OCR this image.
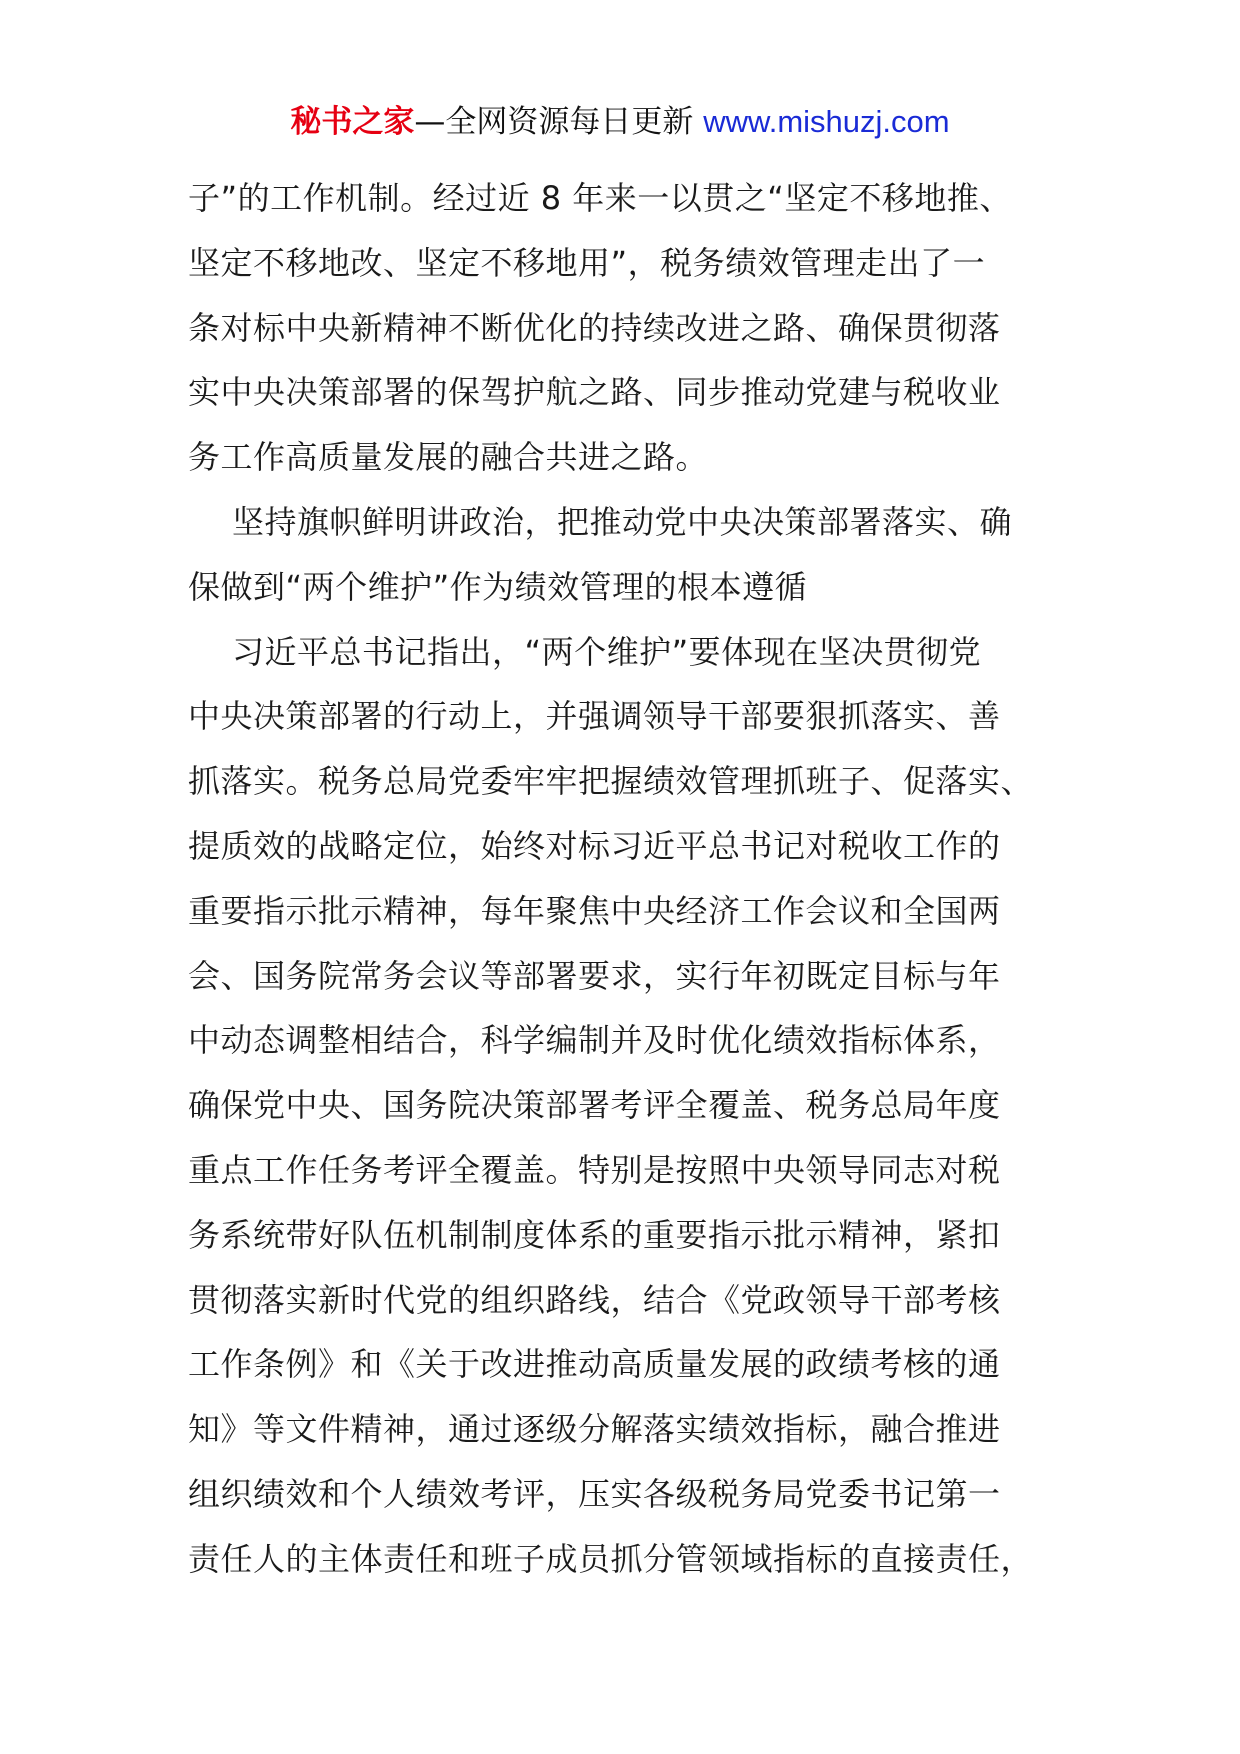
秘书之家—全网资源每日更新 www.mishuzj.com
子”的工作机制。经过近 8 年来一以贯之“坚定不移地推、
坚定不移地改、坚定不移地用”，税务绩效管理走出了一
条对标中央新精神不断优化的持续改进之路、确保贯彻落
实中央决策部署的保驾护航之路、同步推动党建与税收业
务工作高质量发展的融合共进之路。
坚持旗帜鲜明讲政治，把推动党中央决策部署落实、确
保做到“两个维护”作为绩效管理的根本遵循
习近平总书记指出，“两个维护”要体现在坚决贯彻党
中央决策部署的行动上，并强调领导干部要狠抓落实、善
抓落实。税务总局党委牢牢把握绩效管理抓班子、促落实、
提质效的战略定位，始终对标习近平总书记对税收工作的
重要指示批示精神，每年聚焦中央经济工作会议和全国两
会、国务院常务会议等部署要求，实行年初既定目标与年
中动态调整相结合，科学编制并及时优化绩效指标体系，
确保党中央、国务院决策部署考评全覆盖、税务总局年度
重点工作任务考评全覆盖。特别是按照中央领导同志对税
务系统带好队伍机制制度体系的重要指示批示精神，紧扣
贯彻落实新时代党的组织路线，结合《党政领导干部考核
工作条例》和《关于改进推动高质量发展的政绩考核的通
知》等文件精神，通过逐级分解落实绩效指标，融合推进
组织绩效和个人绩效考评，压实各级税务局党委书记第一
责任人的主体责任和班子成员抓分管领域指标的直接责任，
